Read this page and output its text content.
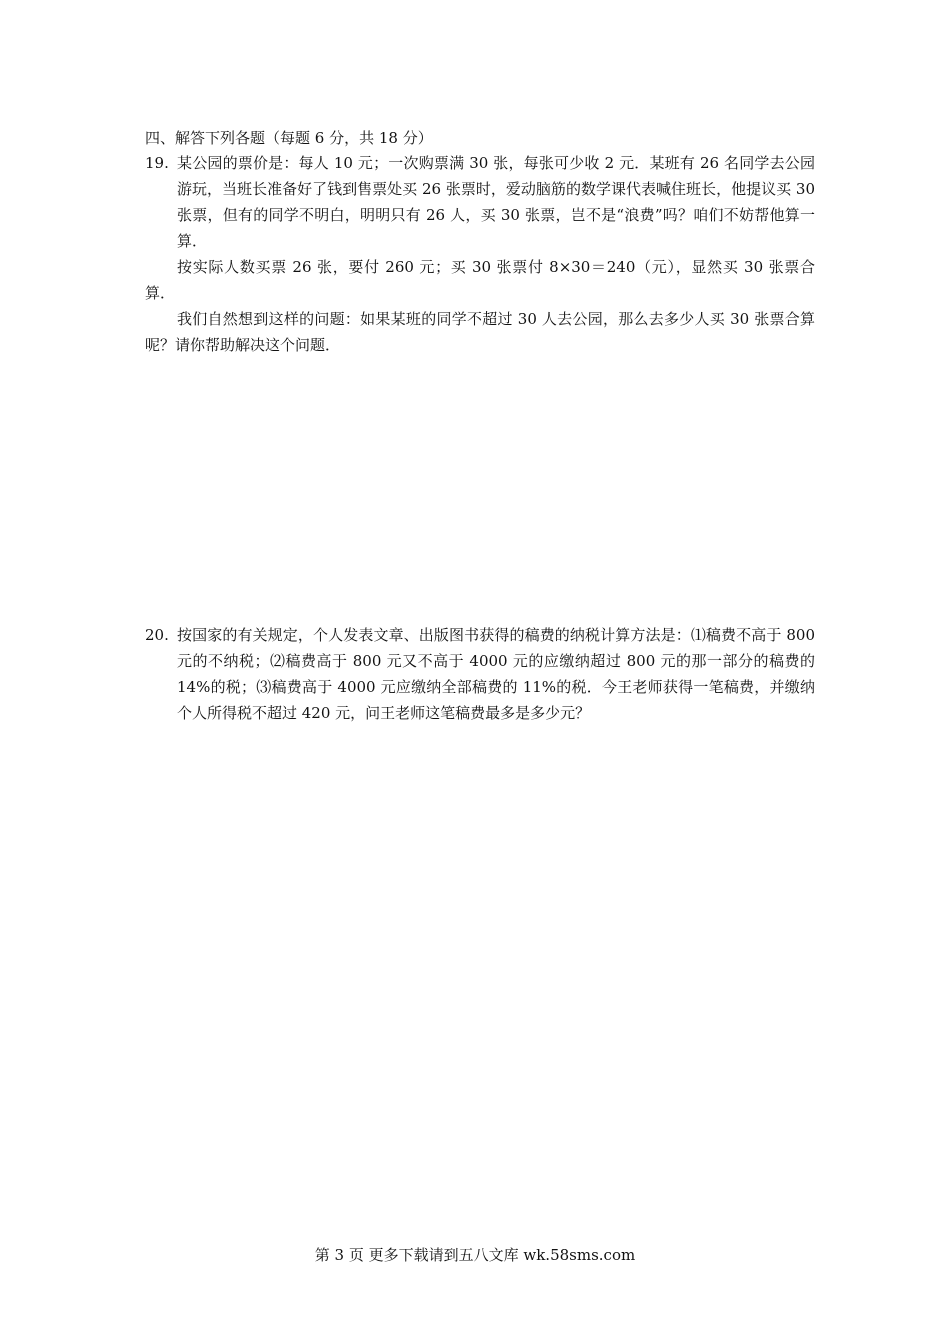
四、解答下列各题（每题 6 分，共 18 分）
19. 某公园的票价是：每人 10 元；一次购票满 30 张，每张可少收 2 元．某班有 26 名同学去公园游玩，当班长准备好了钱到售票处买 26 张票时，爱动脑筋的数学课代表喊住班长，他提议买 30 张票，但有的同学不明白，明明只有 26 人，买 30 张票，岂不是“浪费”吗？咱们不妨帮他算一算．
按实际人数买票 26 张，要付 260 元；买 30 张票付 8×30＝240（元），显然买 30 张票合算．
我们自然想到这样的问题：如果某班的同学不超过 30 人去公园，那么去多少人买 30 张票合算呢？请你帮助解决这个问题．
20. 按国家的有关规定，个人发表文章、出版图书获得的稿费的纳税计算方法是：⑴稿费不高于 800 元的不纳税；⑵稿费高于 800 元又不高于 4000 元的应缴纳超过 800 元的那一部分的稿费的 14%的税；⑶稿费高于 4000 元应缴纳全部稿费的 11%的税．今王老师获得一笔稿费，并缴纳个人所得税不超过 420 元，问王老师这笔稿费最多是多少元？
第 3 页 更多下载请到五八文库 wk.58sms.com
